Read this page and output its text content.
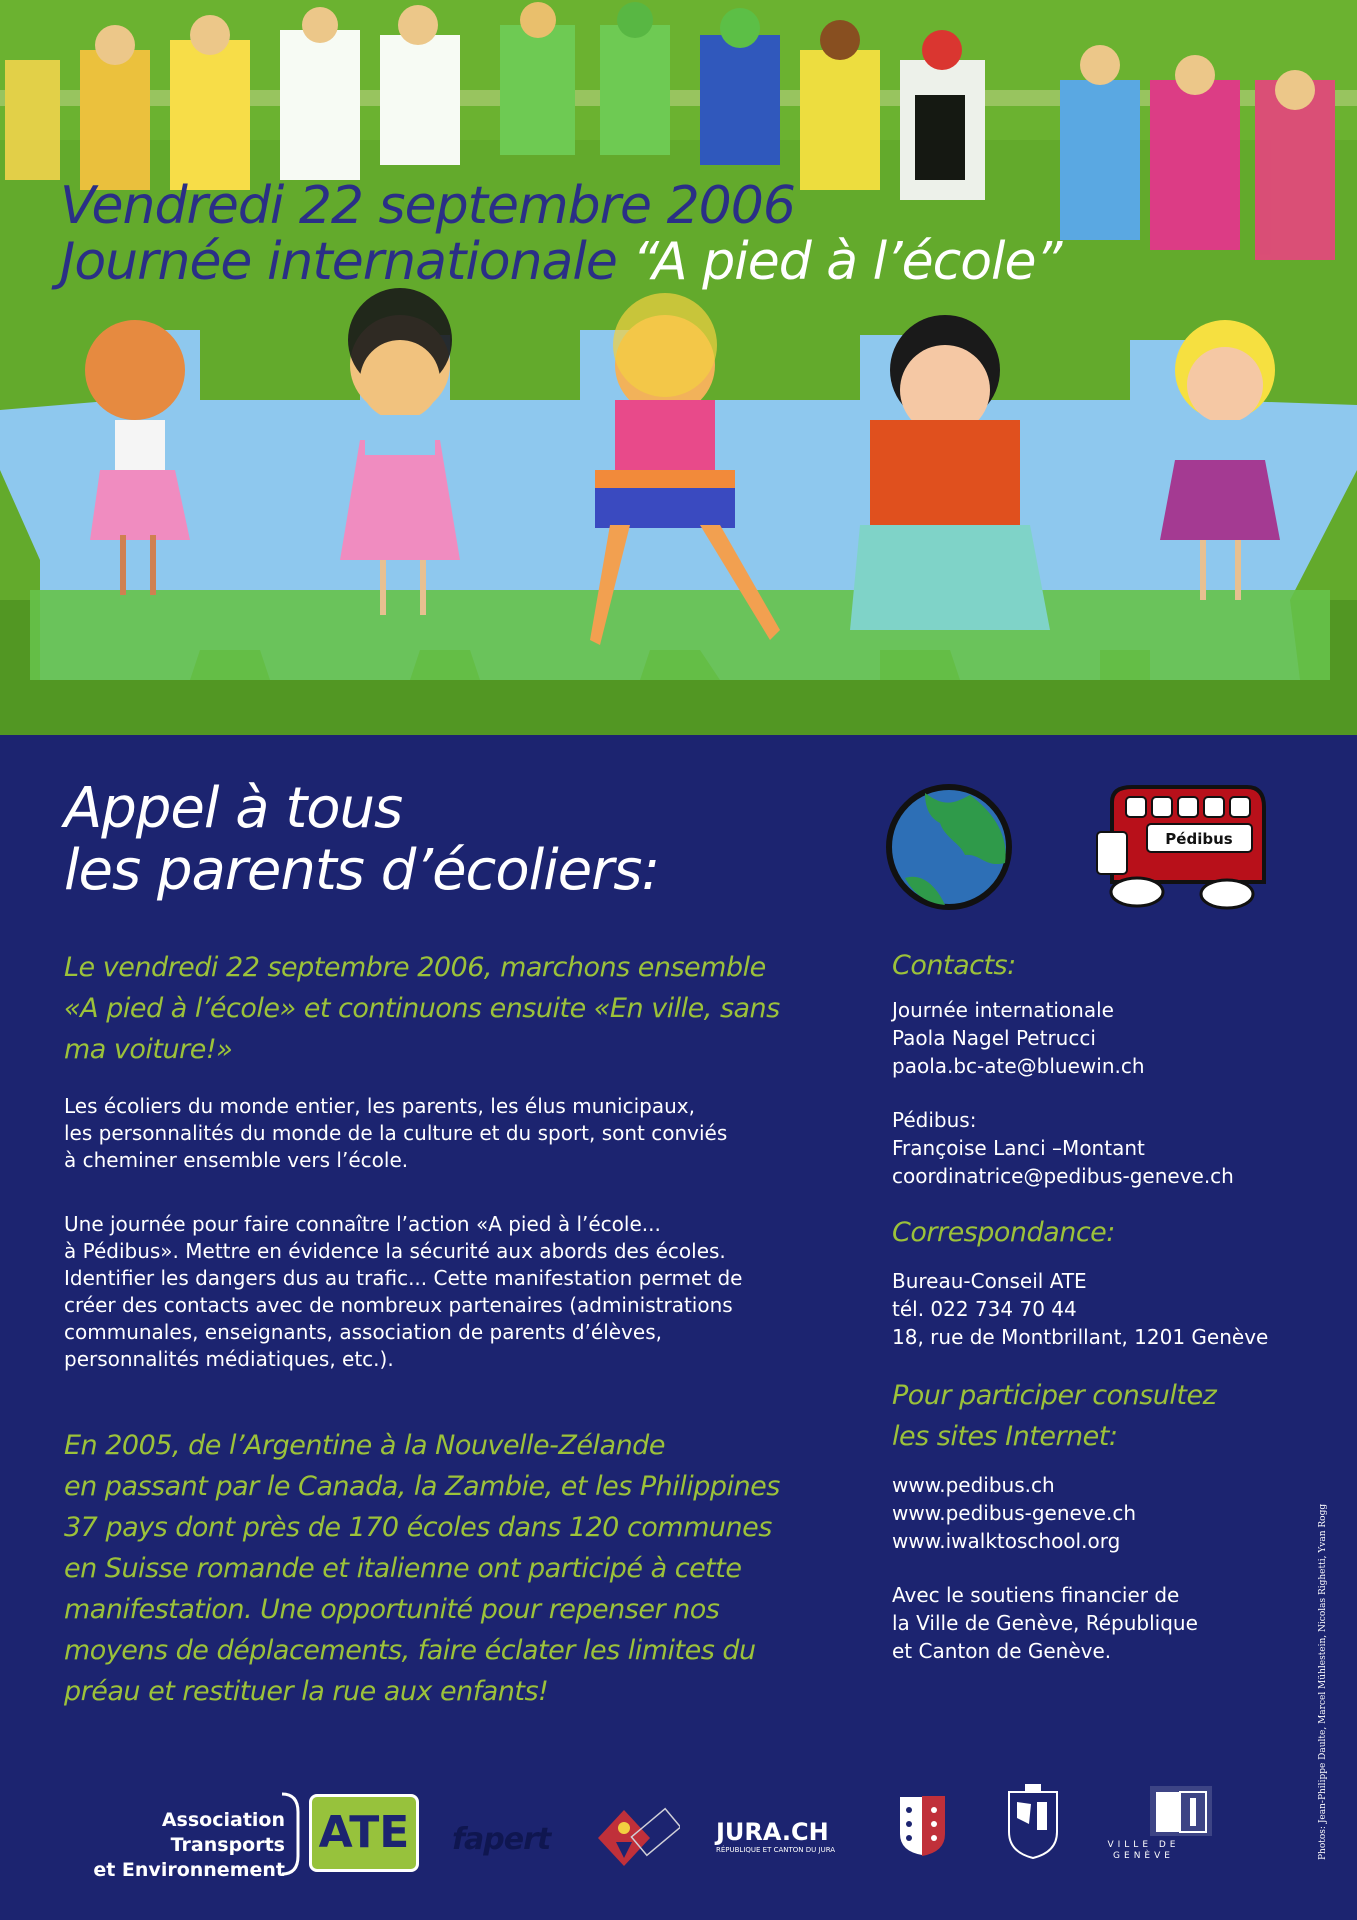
Vendredi 22 septembre 2006
Journée internationale “A pied à l’école”
Appel à tous
les parents d’écoliers:
Le vendredi 22 septembre 2006, marchons ensemble
«A pied à l’école» et continuons ensuite «En ville, sans
ma voiture!»
Les écoliers du monde entier, les parents, les élus municipaux,
les personnalités du monde de la culture et du sport, sont conviés
à cheminer ensemble vers l’école.
Une journée pour faire connaître l’action «A pied à l’école...
à Pédibus». Mettre en évidence la sécurité aux abords des écoles.
Identifier les dangers dus au trafic... Cette manifestation permet de
créer des contacts avec de nombreux partenaires (administrations
communales, enseignants, association de parents d’élèves,
personnalités médiatiques, etc.).
En 2005, de l’Argentine à la Nouvelle-Zélande
en passant par le Canada, la Zambie, et les Philippines
37 pays dont près de 170 écoles dans 120 communes
en Suisse romande et italienne ont participé à cette
manifestation. Une opportunité pour repenser nos
moyens de déplacements, faire éclater les limites du
préau et restituer la rue aux enfants!
Pédibus
Contacts:
Journée internationale
Paola Nagel Petrucci
paola.bc-ate@bluewin.ch
Pédibus:
Françoise Lanci –Montant
coordinatrice@pedibus-geneve.ch
Correspondance:
Bureau-Conseil ATE
tél. 022 734 70 44
18, rue de Montbrillant, 1201 Genève
Pour participer consultez
les sites Internet:
www.pedibus.ch
www.pedibus-geneve.ch
www.iwalktoschool.org
Avec le soutiens financier de
la Ville de Genève, République
et Canton de Genève.
Association Transports
et Environnement
ATE	fapert	JURA.CH
RÉPUBLIQUE ET CANTON DU JURA	VILLE DE
GENÈVE	Photos: Jean-Philippe Daulte, Marcel Mühlestein, Nicolas Righetti, Yvan Rogg
